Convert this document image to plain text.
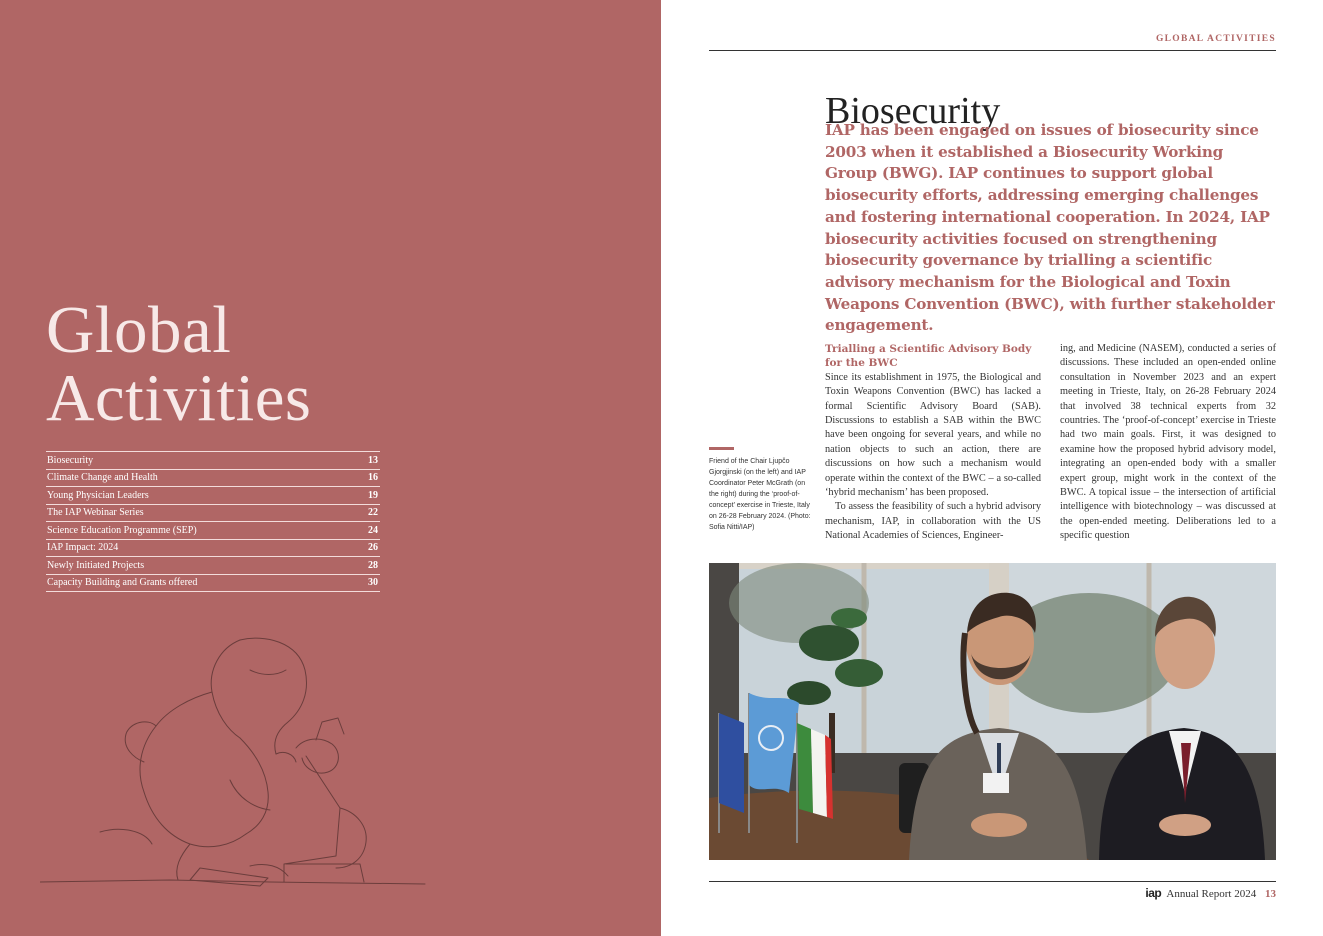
Global
Activities
Biosecurity	13
Climate Change and Health	16
Young Physician Leaders	19
The IAP Webinar Series	22
Science Education Programme (SEP)	24
IAP Impact: 2024	26
Newly Initiated Projects	28
Capacity Building and Grants offered	30
GLOBAL ACTIVITIES
Biosecurity
IAP has been engaged on issues of biosecurity since 2003 when it established a Biosecurity Working Group (BWG). IAP continues to support global biosecurity efforts, addressing emerging challenges and fostering international cooperation. In 2024, IAP biosecurity activities focused on strengthening biosecurity governance by trialling a scientific advisory mechanism for the Biological and Toxin Weapons Convention (BWC), with further stakeholder engagement.
Trialling a Scientific Advisory Body for the BWC

Since its establishment in 1975, the Biological and Toxin Weapons Convention (BWC) has lacked a formal Scientific Advisory Board (SAB). Discussions to establish a SAB within the BWC have been ongoing for several years, and while no nation objects to such an action, there are discussions on how such a mechanism would operate within the context of the BWC – a so-called ‘hybrid mechanism’ has been proposed.

To assess the feasibility of such a hybrid advisory mechanism, IAP, in collaboration with the US National Academies of Sciences, Engineer-

ing, and Medicine (NASEM), conducted a series of discussions. These included an open-ended online consultation in November 2023 and an expert meeting in Trieste, Italy, on 26-28 February 2024 that involved 38 technical experts from 32 countries. The ‘proof-of-concept’ exercise in Trieste had two main goals. First, it was designed to examine how the proposed hybrid advisory model, integrating an open-ended body with a smaller expert group, might work in the context of the BWC. A topical issue – the intersection of artificial intelligence with biotechnology – was discussed at the open-ended meeting. Deliberations led to a specific question

Friend of the Chair Ljupčo Gjorgjinski (on the left) and IAP Coordinator Peter McGrath (on the right) during the ‘proof-of-concept’ exercise in Trieste, Italy on 26-28 February 2024. (Photo: Sofia Nitti/IAP)
iap Annual Report 2024 13
